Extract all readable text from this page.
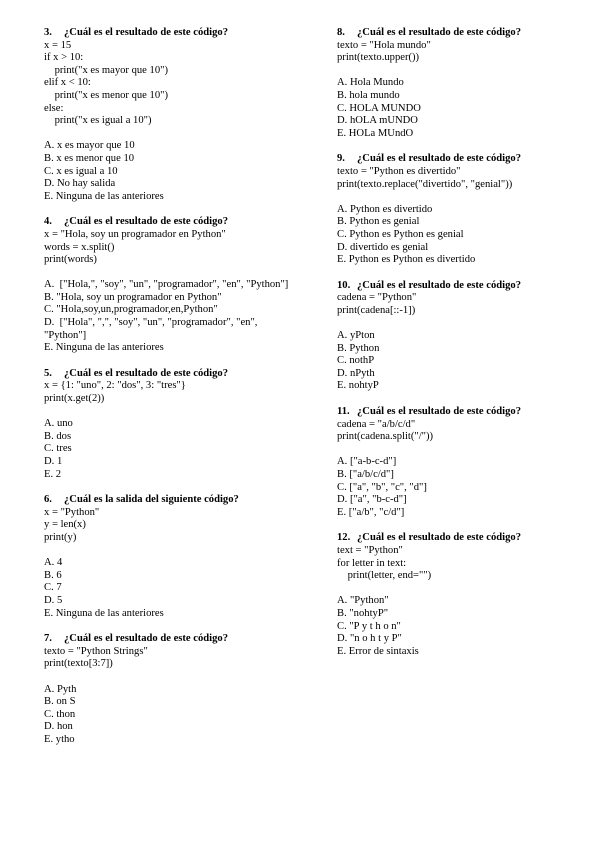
3. ¿Cuál es el resultado de este código?
x = 15
if x > 10:
print("x es mayor que 10")
elif x < 10:
print("x es menor que 10")
else:
print("x es igual a 10")
A. x es mayor que 10
B. x es menor que 10
C. x es igual a 10
D. No hay salida
E. Ninguna de las anteriores
4. ¿Cuál es el resultado de este código?
x = "Hola, soy un programador en Python"
words = x.split()
print(words)
A.  ["Hola,", "soy", "un", "programador", "en", "Python"]
B. "Hola, soy un programador en Python"
C. "Hola,soy,un,programador,en,Python"
D.  ["Hola", ",", "soy", "un", "programador", "en", "Python"]
E. Ninguna de las anteriores
5. ¿Cuál es el resultado de este código?
x = {1: "uno", 2: "dos", 3: "tres"}
print(x.get(2))
A. uno
B. dos
C. tres
D. 1
E. 2
6. ¿Cuál es la salida del siguiente código?
x = "Python"
y = len(x)
print(y)
A. 4
B. 6
C. 7
D. 5
E. Ninguna de las anteriores
7. ¿Cuál es el resultado de este código?
texto = "Python Strings"
print(texto[3:7])
A. Pyth
B. on S
C. thon
D. hon
E. ytho
8. ¿Cuál es el resultado de este código?
texto = "Hola mundo"
print(texto.upper())
A. Hola Mundo
B. hola mundo
C. HOLA MUNDO
D. hOLA mUNDO
E. HOLa MUndO
9. ¿Cuál es el resultado de este código?
texto = "Python es divertido"
print(texto.replace("divertido", "genial"))
A. Python es divertido
B. Python es genial
C. Python es Python es genial
D. divertido es genial
E. Python es Python es divertido
10. ¿Cuál es el resultado de este código?
cadena = "Python"
print(cadena[::-1])
A. yPton
B. Python
C. nothP
D. nPyth
E. nohtyP
11. ¿Cuál es el resultado de este código?
cadena = "a/b/c/d"
print(cadena.split("/"))
A. ["a-b-c-d"]
B. ["a/b/c/d"]
C. ["a", "b", "c", "d"]
D. ["a", "b-c-d"]
E. ["a/b", "c/d"]
12. ¿Cuál es el resultado de este código?
text = "Python"
for letter in text:
print(letter, end="")
A. "Python"
B. "nohtyP"
C. "P y t h o n"
D. "n o h t y P"
E. Error de sintaxis
